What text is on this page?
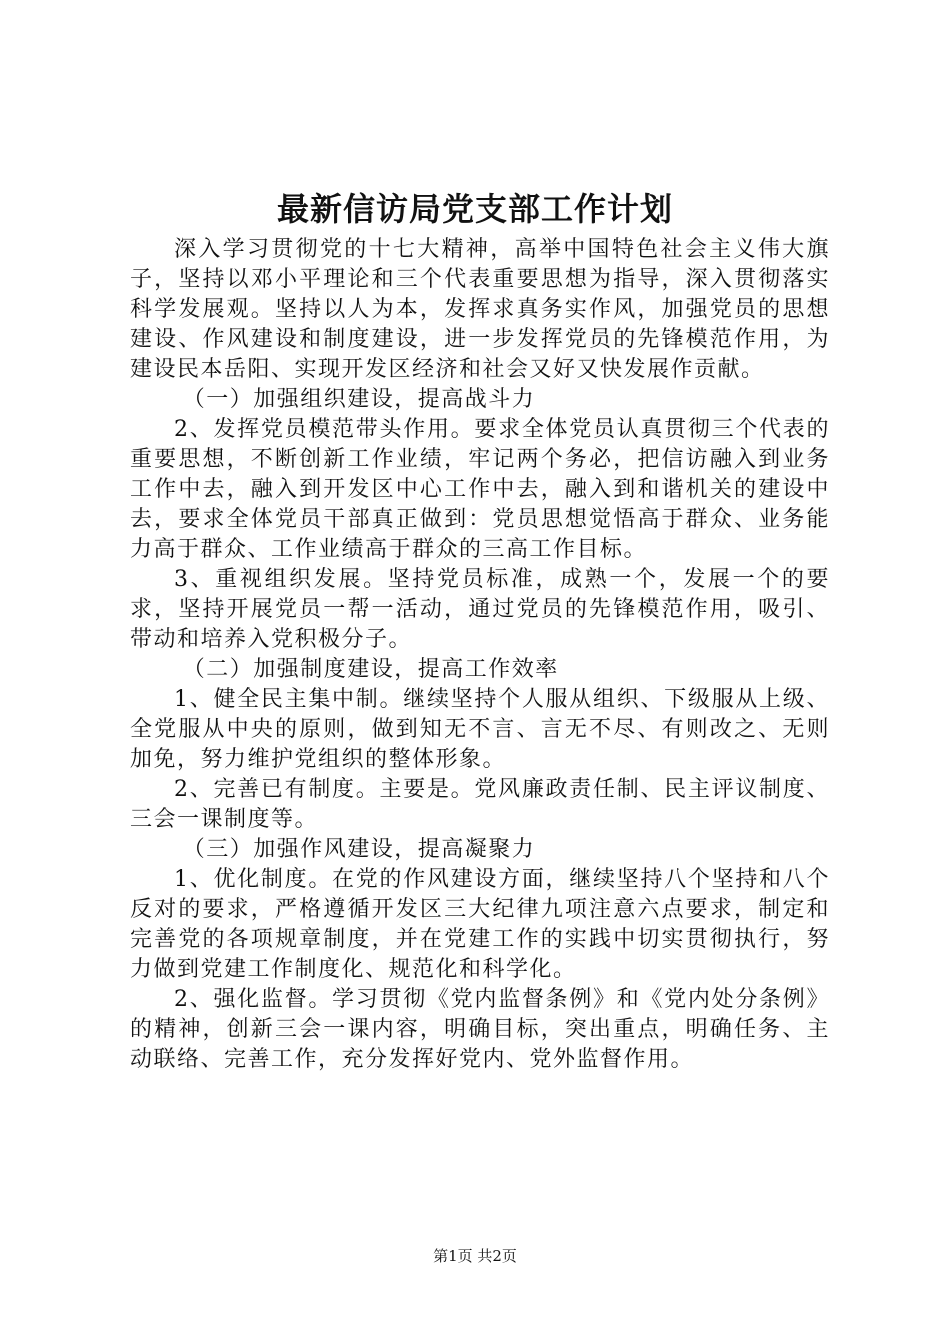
最新信访局党支部工作计划

深入学习贯彻党的十七大精神，高举中国特色社会主义伟大旗子，坚持以邓小平理论和三个代表重要思想为指导，深入贯彻落实科学发展观。坚持以人为本，发挥求真务实作风，加强党员的思想建设、作风建设和制度建设，进一步发挥党员的先锋模范作用，为建设民本岳阳、实现开发区经济和社会又好又快发展作贡献。

（一）加强组织建设，提高战斗力

2、发挥党员模范带头作用。要求全体党员认真贯彻三个代表的重要思想，不断创新工作业绩，牢记两个务必，把信访融入到业务工作中去，融入到开发区中心工作中去，融入到和谐机关的建设中去，要求全体党员干部真正做到：党员思想觉悟高于群众、业务能力高于群众、工作业绩高于群众的三高工作目标。

3、重视组织发展。坚持党员标准，成熟一个，发展一个的要求，坚持开展党员一帮一活动，通过党员的先锋模范作用，吸引、带动和培养入党积极分子。

（二）加强制度建设，提高工作效率

1、健全民主集中制。继续坚持个人服从组织、下级服从上级、全党服从中央的原则，做到知无不言、言无不尽、有则改之、无则加免，努力维护党组织的整体形象。

2、完善已有制度。主要是。党风廉政责任制、民主评议制度、三会一课制度等。

（三）加强作风建设，提高凝聚力

1、优化制度。在党的作风建设方面，继续坚持八个坚持和八个反对的要求，严格遵循开发区三大纪律九项注意六点要求，制定和完善党的各项规章制度，并在党建工作的实践中切实贯彻执行，努力做到党建工作制度化、规范化和科学化。

2、强化监督。学习贯彻《党内监督条例》和《党内处分条例》的精神，创新三会一课内容，明确目标，突出重点，明确任务、主动联络、完善工作，充分发挥好党内、党外监督作用。

第1页 共2页
